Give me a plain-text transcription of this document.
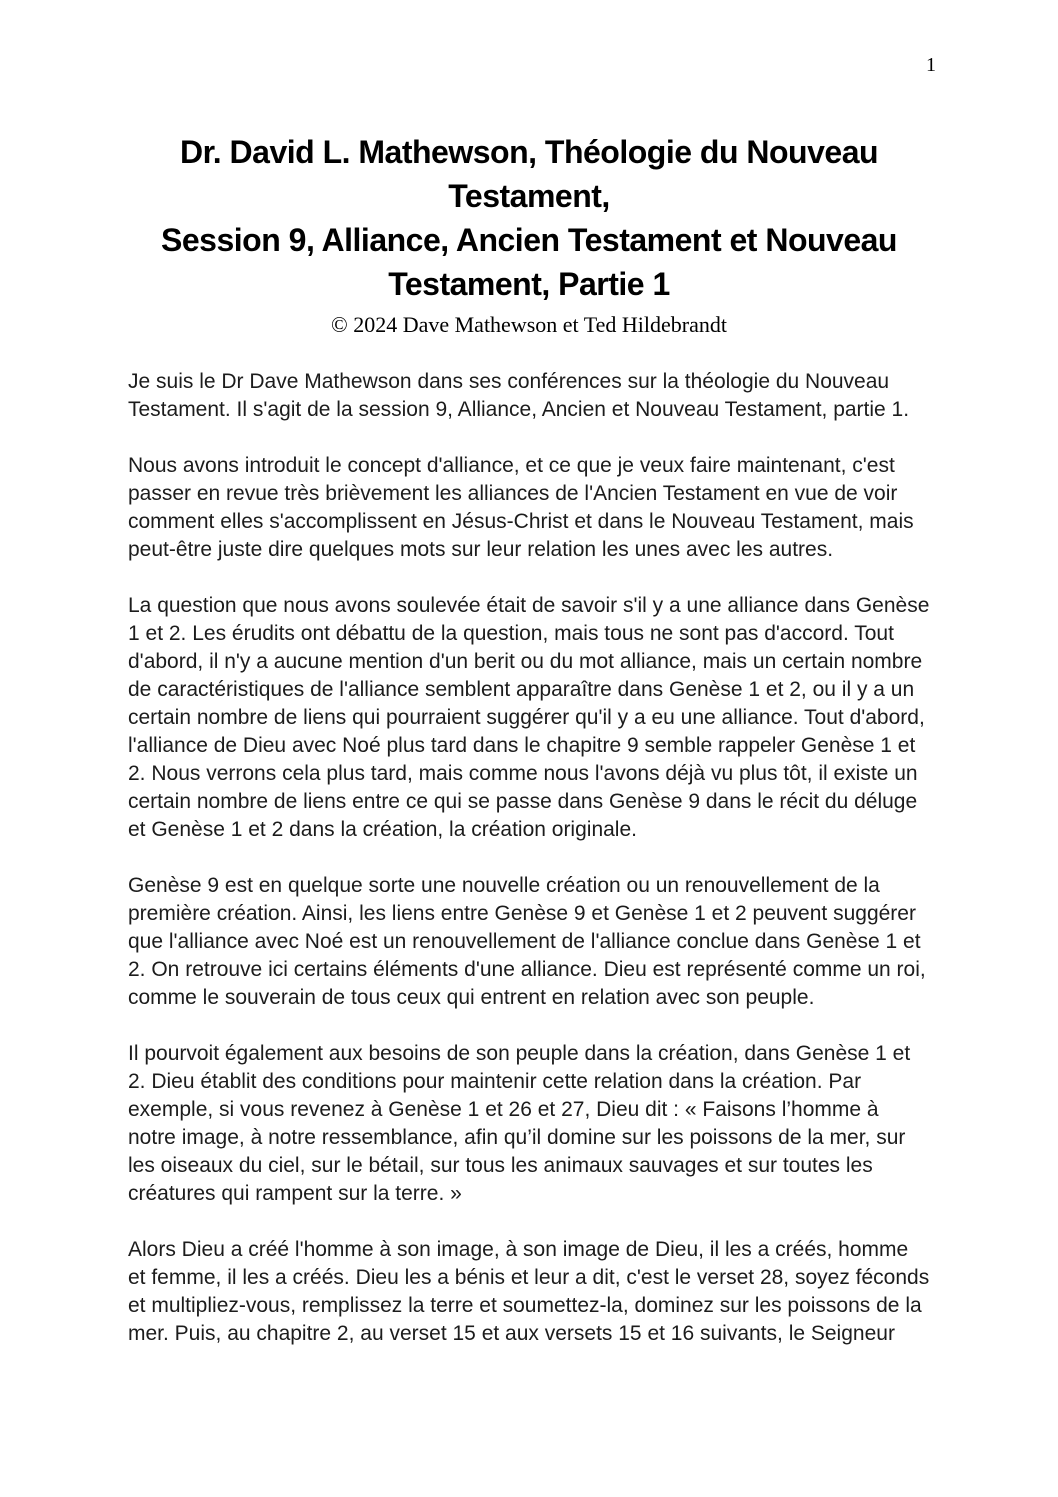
1
Dr. David L. Mathewson, Théologie du Nouveau Testament,
Session 9, Alliance, Ancien Testament et Nouveau Testament, Partie 1
© 2024 Dave Mathewson et Ted Hildebrandt

Je suis le Dr Dave Mathewson dans ses conférences sur la théologie du Nouveau Testament. Il s'agit de la session 9, Alliance, Ancien et Nouveau Testament, partie 1.

Nous avons introduit le concept d'alliance, et ce que je veux faire maintenant, c'est passer en revue très brièvement les alliances de l'Ancien Testament en vue de voir comment elles s'accomplissent en Jésus-Christ et dans le Nouveau Testament, mais peut-être juste dire quelques mots sur leur relation les unes avec les autres.

La question que nous avons soulevée était de savoir s'il y a une alliance dans Genèse 1 et 2. Les érudits ont débattu de la question, mais tous ne sont pas d'accord. Tout d'abord, il n'y a aucune mention d'un berit ou du mot alliance, mais un certain nombre de caractéristiques de l'alliance semblent apparaître dans Genèse 1 et 2, ou il y a un certain nombre de liens qui pourraient suggérer qu'il y a eu une alliance. Tout d'abord, l'alliance de Dieu avec Noé plus tard dans le chapitre 9 semble rappeler Genèse 1 et 2. Nous verrons cela plus tard, mais comme nous l'avons déjà vu plus tôt, il existe un certain nombre de liens entre ce qui se passe dans Genèse 9 dans le récit du déluge et Genèse 1 et 2 dans la création, la création originale.

Genèse 9 est en quelque sorte une nouvelle création ou un renouvellement de la première création. Ainsi, les liens entre Genèse 9 et Genèse 1 et 2 peuvent suggérer que l'alliance avec Noé est un renouvellement de l'alliance conclue dans Genèse 1 et 2. On retrouve ici certains éléments d'une alliance. Dieu est représenté comme un roi, comme le souverain de tous ceux qui entrent en relation avec son peuple.

Il pourvoit également aux besoins de son peuple dans la création, dans Genèse 1 et 2. Dieu établit des conditions pour maintenir cette relation dans la création. Par exemple, si vous revenez à Genèse 1 et 26 et 27, Dieu dit : « Faisons l’homme à notre image, à notre ressemblance, afin qu’il domine sur les poissons de la mer, sur les oiseaux du ciel, sur le bétail, sur tous les animaux sauvages et sur toutes les créatures qui rampent sur la terre. »

Alors Dieu a créé l'homme à son image, à son image de Dieu, il les a créés, homme et femme, il les a créés. Dieu les a bénis et leur a dit, c'est le verset 28, soyez féconds et multipliez-vous, remplissez la terre et soumettez-la, dominez sur les poissons de la mer. Puis, au chapitre 2, au verset 15 et aux versets 15 et 16 suivants, le Seigneur
